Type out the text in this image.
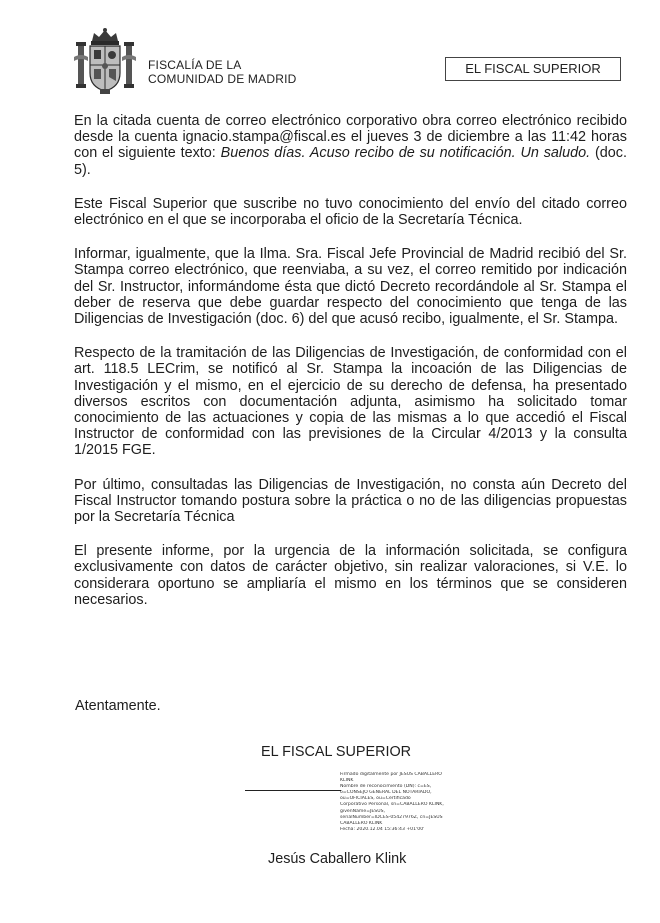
FISCALÍA DE LA
COMUNIDAD DE MADRID
EL FISCAL SUPERIOR

En la citada cuenta de correo electrónico corporativo obra correo electrónico recibido desde la cuenta ignacio.stampa@fiscal.es el jueves 3 de diciembre a las 11:42 horas con el siguiente texto: Buenos días. Acuso recibo de su notificación. Un saludo. (doc. 5).

Este Fiscal Superior que suscribe no tuvo conocimiento del envío del citado correo electrónico en el que se incorporaba el oficio de la Secretaría Técnica.

Informar, igualmente, que la Ilma. Sra. Fiscal Jefe Provincial de Madrid recibió del Sr. Stampa correo electrónico, que reenviaba, a su vez, el correo remitido por indicación del Sr. Instructor, informándome ésta que dictó Decreto recordándole al Sr. Stampa el deber de reserva que debe guardar respecto del conocimiento que tenga de las Diligencias de Investigación (doc. 6) del que acusó recibo, igualmente, el Sr. Stampa.

Respecto de la tramitación de las Diligencias de Investigación, de conformidad con el art. 118.5 LECrim, se notificó al Sr. Stampa la incoación de las Diligencias de Investigación y el mismo, en el ejercicio de su derecho de defensa, ha presentado diversos escritos con documentación adjunta, asimismo ha solicitado tomar conocimiento de las actuaciones y copia de las mismas a lo que accedió el Fiscal Instructor de conformidad con las previsiones de la Circular 4/2013 y la consulta 1/2015 FGE.

Por último, consultadas las Diligencias de Investigación, no consta aún Decreto del Fiscal Instructor tomando postura sobre la práctica o no de las diligencias propuestas por la Secretaría Técnica

El presente informe, por la urgencia de la información solicitada, se configura exclusivamente con datos de carácter objetivo, sin realizar valoraciones, si V.E. lo considerara oportuno se ampliaría el mismo en los términos que se consideren necesarios.

Atentamente.
EL FISCAL SUPERIOR
Firmado digitalmente por JESUS CABALLERO
KLINK
Nombre de reconocimiento (DN): c=ES,
o=CONSEJO GENERAL DEL NOTARIADO,
ou=OFICIALES, ou=Certificado
Corporativo Personal, sn=CABALLERO KLINK,
givenName=JESUS,
serialNumber=IDCES-05427976Z, cn=JESUS
CABALLERO KLINK
Fecha: 2020.12.04 15:36:43 +01'00'
Jesús Caballero Klink
